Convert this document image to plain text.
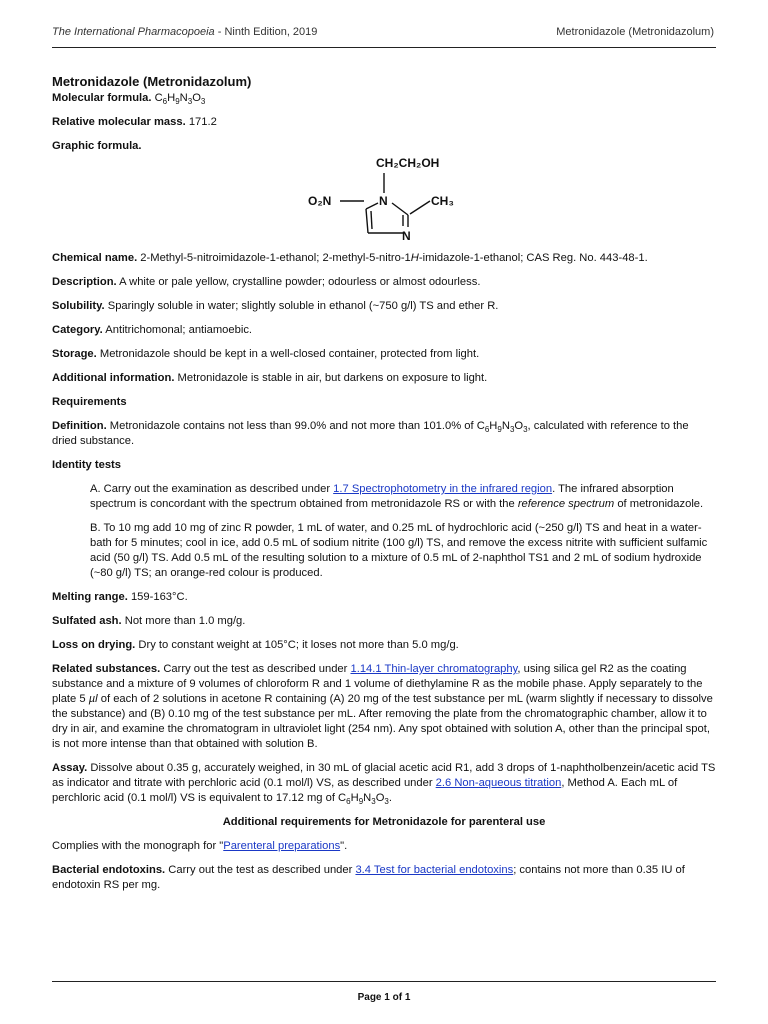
The International Pharmacopoeia - Ninth Edition, 2019	Metronidazole (Metronidazolum)
Metronidazole (Metronidazolum)
Molecular formula. $C_6H_9N_3O_3$
Relative molecular mass. 171.2
Graphic formula.
CH₂CH₂OH
O₂N	CH₃
N
N
Chemical name. 2-Methyl-5-nitroimidazole-1-ethanol; 2-methyl-5-nitro-1H-imidazole-1-ethanol; CAS Reg. No. 443-48-1.
Description. A white or pale yellow, crystalline powder; odourless or almost odourless.
Solubility. Sparingly soluble in water; slightly soluble in ethanol (~750 g/l) TS and ether R.
Category. Antitrichomonal; antiamoebic.
Storage. Metronidazole should be kept in a well-closed container, protected from light.
Additional information. Metronidazole is stable in air, but darkens on exposure to light.
Requirements
Definition. Metronidazole contains not less than 99.0% and not more than 101.0% of $C_6H_9N_3O_3$, calculated with reference to the dried substance.
Identity tests
A. Carry out the examination as described under 1.7 Spectrophotometry in the infrared region. The infrared absorption spectrum is concordant with the spectrum obtained from metronidazole RS or with the reference spectrum of metronidazole.
B. To 10 mg add 10 mg of zinc R powder, 1 mL of water, and 0.25 mL of hydrochloric acid (~250 g/l) TS and heat in a water-bath for 5 minutes; cool in ice, add 0.5 mL of sodium nitrite (100 g/l) TS, and remove the excess nitrite with sufficient sulfamic acid (50 g/l) TS. Add 0.5 mL of the resulting solution to a mixture of 0.5 mL of 2-naphthol TS1 and 2 mL of sodium hydroxide (~80 g/l) TS; an orange-red colour is produced.
Melting range. 159-163°C.
Sulfated ash. Not more than 1.0 mg/g.
Loss on drying. Dry to constant weight at 105°C; it loses not more than 5.0 mg/g.
Related substances. Carry out the test as described under 1.14.1 Thin-layer chromatography, using silica gel R2 as the coating substance and a mixture of 9 volumes of chloroform R and 1 volume of diethylamine R as the mobile phase. Apply separately to the plate 5 µl of each of 2 solutions in acetone R containing (A) 20 mg of the test substance per mL (warm slightly if necessary to dissolve the substance) and (B) 0.10 mg of the test substance per mL. After removing the plate from the chromatographic chamber, allow it to dry in air, and examine the chromatogram in ultraviolet light (254 nm). Any spot obtained with solution A, other than the principal spot, is not more intense than that obtained with solution B.
Assay. Dissolve about 0.35 g, accurately weighed, in 30 mL of glacial acetic acid R1, add 3 drops of 1-naphtholbenzein/acetic acid TS as indicator and titrate with perchloric acid (0.1 mol/l) VS, as described under 2.6 Non-aqueous titration, Method A. Each mL of perchloric acid (0.1 mol/l) VS is equivalent to 17.12 mg of $C_6H_9N_3O_3$.
Additional requirements for Metronidazole for parenteral use
Complies with the monograph for "Parenteral preparations".
Bacterial endotoxins. Carry out the test as described under 3.4 Test for bacterial endotoxins; contains not more than 0.35 IU of endotoxin RS per mg.
Page 1 of 1
